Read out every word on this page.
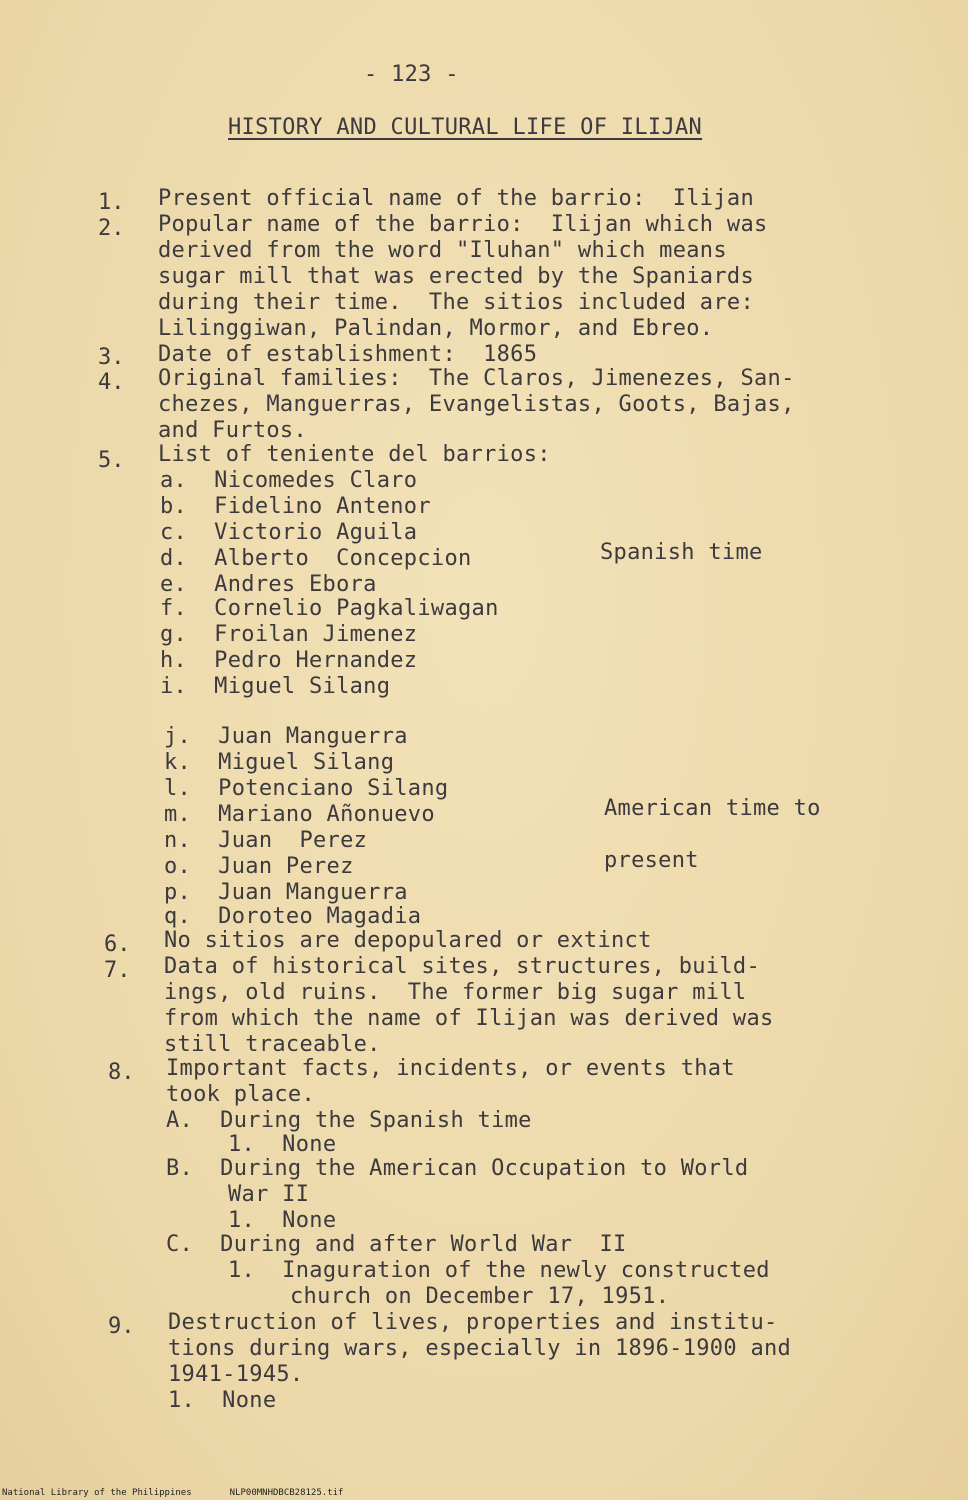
- 123 -
HISTORY AND CULTURAL LIFE OF ILIJAN
1. Present official name of the barrio:  Ilijan
2. Popular name of the barrio:  Ilijan which was
derived from the word "Iluhan" which means
sugar mill that was erected by the Spaniards
during their time.  The sitios included are:
Lilinggiwan, Palindan, Mormor, and Ebreo.
3. Date of establishment:  1865
4. Original families:  The Claros, Jimenezes, San-
chezes, Manguerras, Evangelistas, Goots, Bajas,
and Furtos.
5. List of teniente del barrios:
a.  Nicomedes Claro
b.  Fidelino Antenor
c.  Victorio Aguila
d.  Alberto  Concepcion
e.  Andres Ebora
f.  Cornelio Pagkaliwagan
g.  Froilan Jimenez
h.  Pedro Hernandez
i.  Miguel Silang
Spanish time
j.  Juan Manguerra
k.  Miguel Silang
l.  Potenciano Silang
m.  Mariano Añonuevo
n.  Juan  Perez
o.  Juan Perez
p.  Juan Manguerra
q.  Doroteo Magadia
American time to
present
6. No sitios are depopulared or extinct
7. Data of historical sites, structures, build-
ings, old ruins.  The former big sugar mill
from which the name of Ilijan was derived was
still traceable.
8. Important facts, incidents, or events that
took place.
A.  During the Spanish time
1.  None
B.  During the American Occupation to World
War II
1.  None
C.  During and after World War  II
1.  Inaguration of the newly constructed
church on December 17, 1951.
9. Destruction of lives, properties and institu-
tions during wars, especially in 1896-1900 and
1941-1945.
1.  None
National Library of the Philippines	NLP00MNHDBCB28125.tif
